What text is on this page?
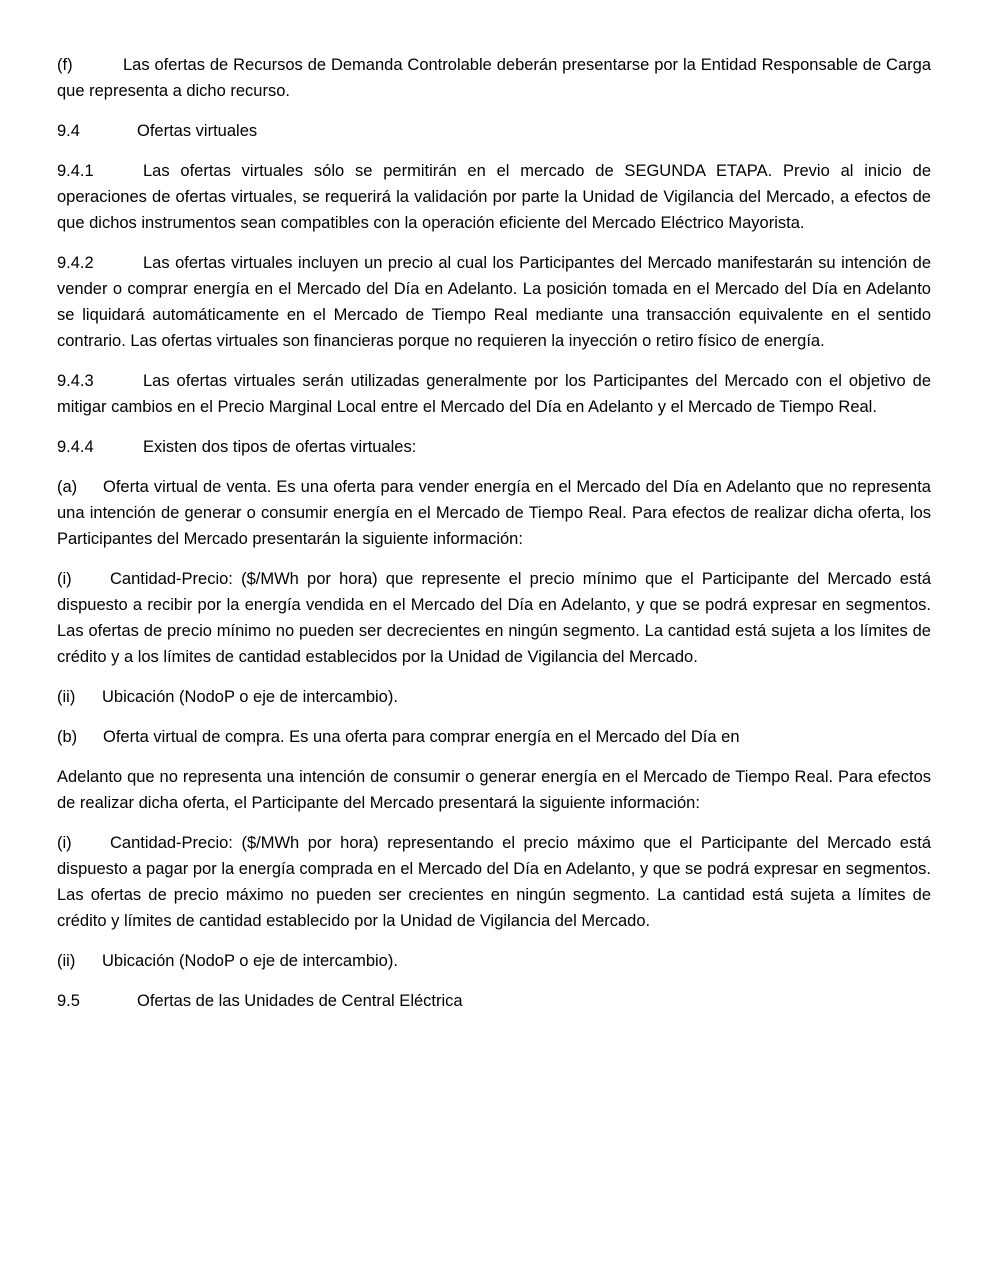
(f)	Las ofertas de Recursos de Demanda Controlable deberán presentarse por la Entidad Responsable de Carga que representa a dicho recurso.

9.4	Ofertas virtuales

9.4.1	Las ofertas virtuales sólo se permitirán en el mercado de SEGUNDA ETAPA. Previo al inicio de operaciones de ofertas virtuales, se requerirá la validación por parte la Unidad de Vigilancia del Mercado, a efectos de que dichos instrumentos sean compatibles con la operación eficiente del Mercado Eléctrico Mayorista.

9.4.2	Las ofertas virtuales incluyen un precio al cual los Participantes del Mercado manifestarán su intención de vender o comprar energía en el Mercado del Día en Adelanto. La posición tomada en el Mercado del Día en Adelanto se liquidará automáticamente en el Mercado de Tiempo Real mediante una transacción equivalente en el sentido contrario. Las ofertas virtuales son financieras porque no requieren la inyección o retiro físico de energía.

9.4.3	Las ofertas virtuales serán utilizadas generalmente por los Participantes del Mercado con el objetivo de mitigar cambios en el Precio Marginal Local entre el Mercado del Día en Adelanto y el Mercado de Tiempo Real.

9.4.4	Existen dos tipos de ofertas virtuales:

(a) Oferta virtual de venta. Es una oferta para vender energía en el Mercado del Día en Adelanto que no representa una intención de generar o consumir energía en el Mercado de Tiempo Real. Para efectos de realizar dicha oferta, los Participantes del Mercado presentarán la siguiente información:

(i) Cantidad-Precio: ($/MWh por hora) que represente el precio mínimo que el Participante del Mercado está dispuesto a recibir por la energía vendida en el Mercado del Día en Adelanto, y que se podrá expresar en segmentos. Las ofertas de precio mínimo no pueden ser decrecientes en ningún segmento. La cantidad está sujeta a los límites de crédito y a los límites de cantidad establecidos por la Unidad de Vigilancia del Mercado.

(ii) Ubicación (NodoP o eje de intercambio).

(b) Oferta virtual de compra. Es una oferta para comprar energía en el Mercado del Día en

Adelanto que no representa una intención de consumir o generar energía en el Mercado de Tiempo Real. Para efectos de realizar dicha oferta, el Participante del Mercado presentará la siguiente información:

(i) Cantidad-Precio: ($/MWh por hora) representando el precio máximo que el Participante del Mercado está dispuesto a pagar por la energía comprada en el Mercado del Día en Adelanto, y que se podrá expresar en segmentos. Las ofertas de precio máximo no pueden ser crecientes en ningún segmento. La cantidad está sujeta a límites de crédito y límites de cantidad establecido por la Unidad de Vigilancia del Mercado.

(ii) Ubicación (NodoP o eje de intercambio).

9.5	Ofertas de las Unidades de Central Eléctrica
